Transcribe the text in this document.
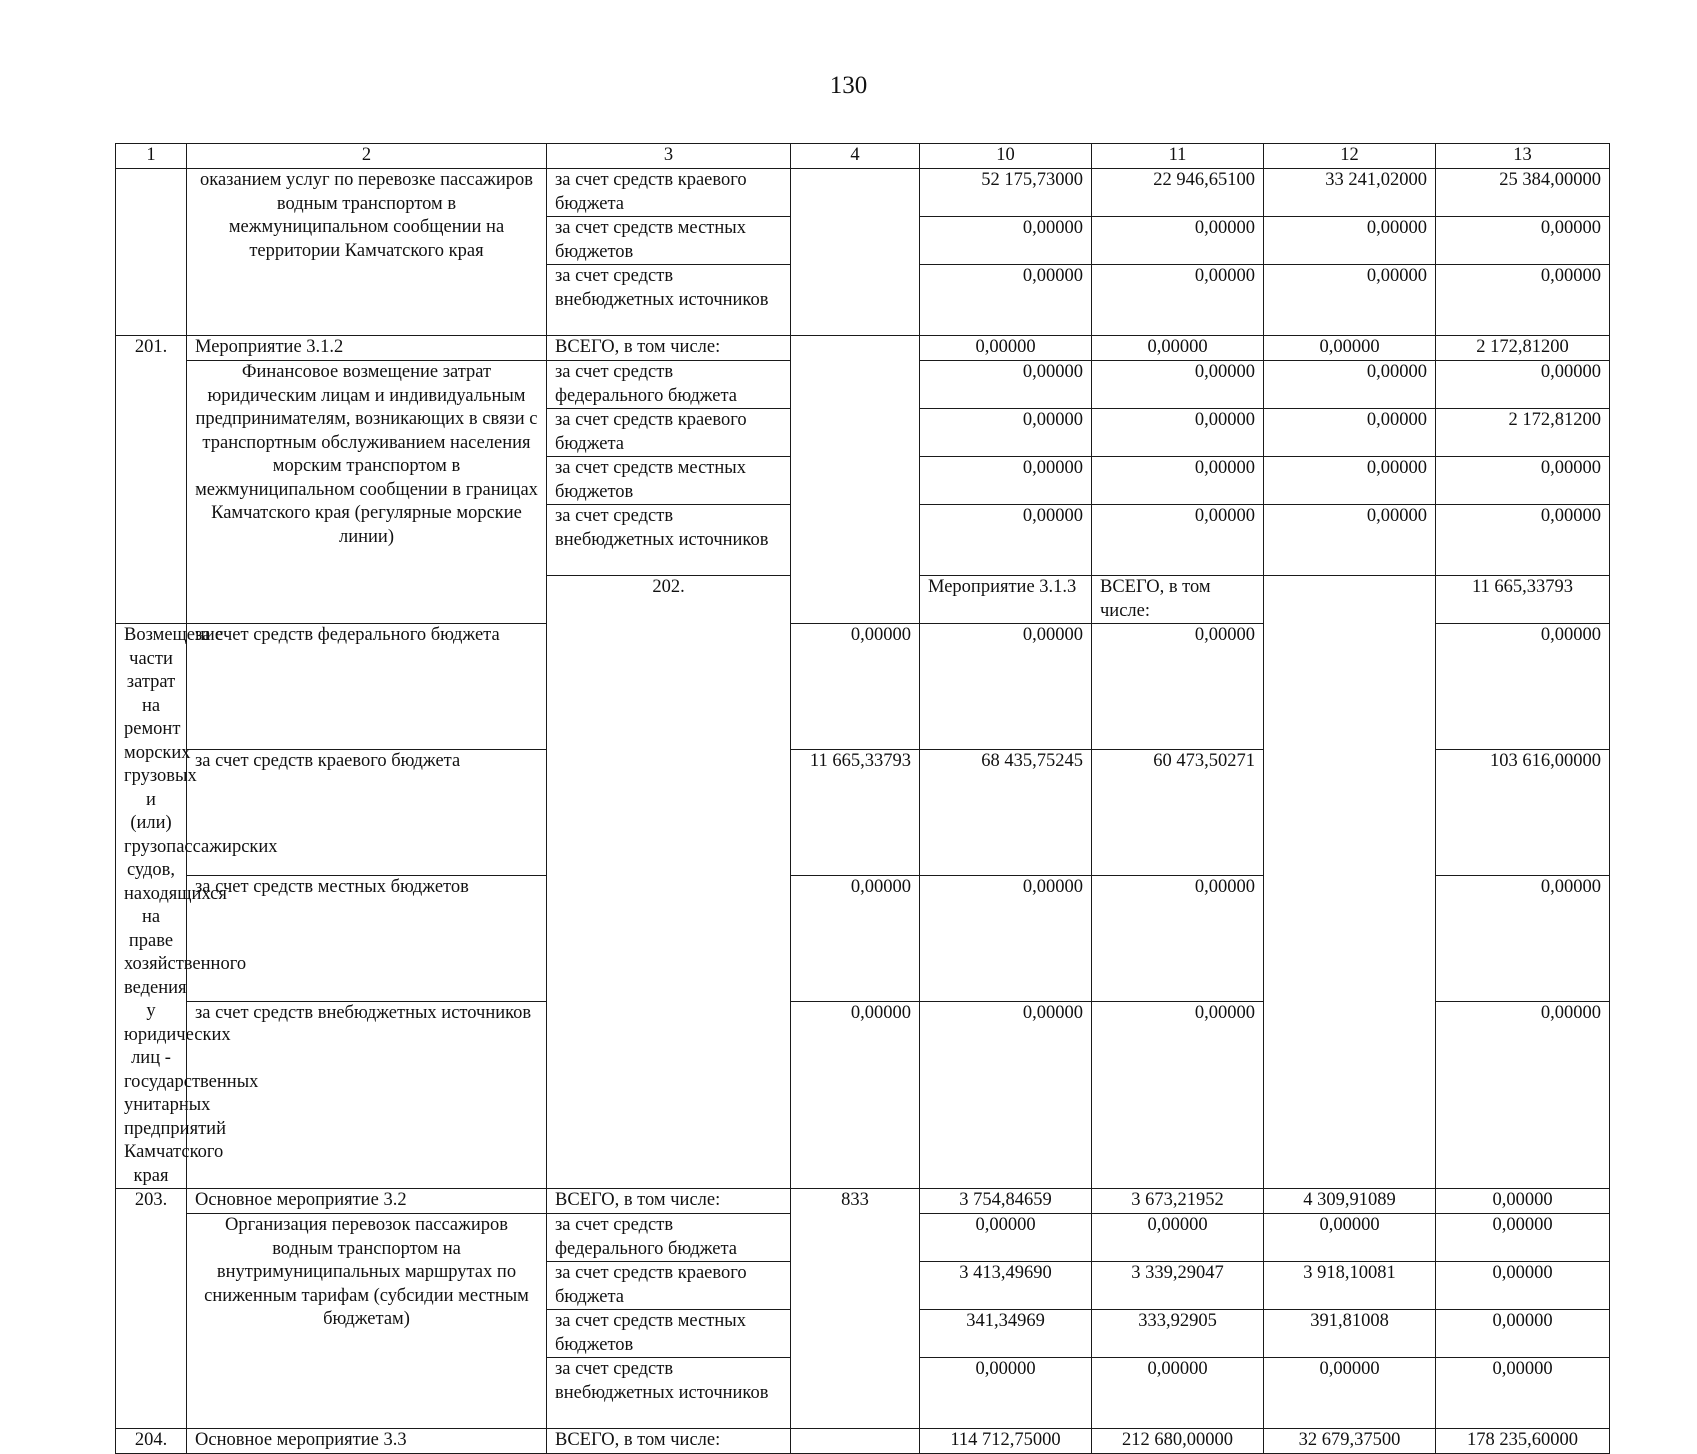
130
1	2	3	4	10	11	12	13	
	оказанием услуг по перевозке пассажиров водным транспортом в межмуниципальном сообщении на территории Камчатского края	за счет средств краевого бюджета		52 175,73000	22 946,65100	33 241,02000	25 384,00000	
		за счет средств местных бюджетов		0,00000	0,00000	0,00000	0,00000	
		за счет средств внебюджетных источников		0,00000	0,00000	0,00000	0,00000	
201.	Мероприятие 3.1.2	ВСЕГО, в том числе:		0,00000	0,00000	0,00000	2 172,81200	
	Финансовое возмещение затрат юридическим лицам и индивидуальным предпринимателям, возникающих в связи с транспортным обслуживанием населения морским транспортом в межмуниципальном сообщении в границах Камчатского края (регулярные морские линии)	за счет средств федерального бюджета		0,00000	0,00000	0,00000	0,00000	
		за счет средств краевого бюджета		0,00000	0,00000	0,00000	2 172,81200	
		за счет средств местных бюджетов		0,00000	0,00000	0,00000	0,00000	
		за счет средств внебюджетных источников		0,00000	0,00000	0,00000	0,00000	
		202.		Мероприятие 3.1.3	ВСЕГО, в том числе:		11 665,33793			
Возмещение части затрат на ремонт морских грузовых и (или) грузопассажирских судов, находящихся на праве хозяйственного ведения у юридических лиц - государственных унитарных предприятий Камчатского края	за счет средств федерального бюджета		0,00000	0,00000	0,00000		0,00000	
	за счет средств краевого бюджета		11 665,33793	68 435,75245	60 473,50271		103 616,00000	
	за счет средств местных бюджетов		0,00000	0,00000	0,00000		0,00000	
	за счет средств внебюджетных источников		0,00000	0,00000	0,00000		0,00000	
203.	Основное мероприятие 3.2	ВСЕГО, в том числе:	833	3 754,84659	3 673,21952	4 309,91089	0,00000	
	Организация перевозок пассажиров водным транспортом на внутримуниципальных маршрутах по сниженным тарифам (субсидии местным бюджетам)	за счет средств федерального бюджета		0,00000	0,00000	0,00000	0,00000	
		за счет средств краевого бюджета		3 413,49690	3 339,29047	3 918,10081	0,00000	
		за счет средств местных бюджетов		341,34969	333,92905	391,81008	0,00000	
		за счет средств внебюджетных источников		0,00000	0,00000	0,00000	0,00000	
204.	Основное мероприятие 3.3	ВСЕГО, в том числе:		114 712,75000	212 680,00000	32 679,37500	178 235,60000	
